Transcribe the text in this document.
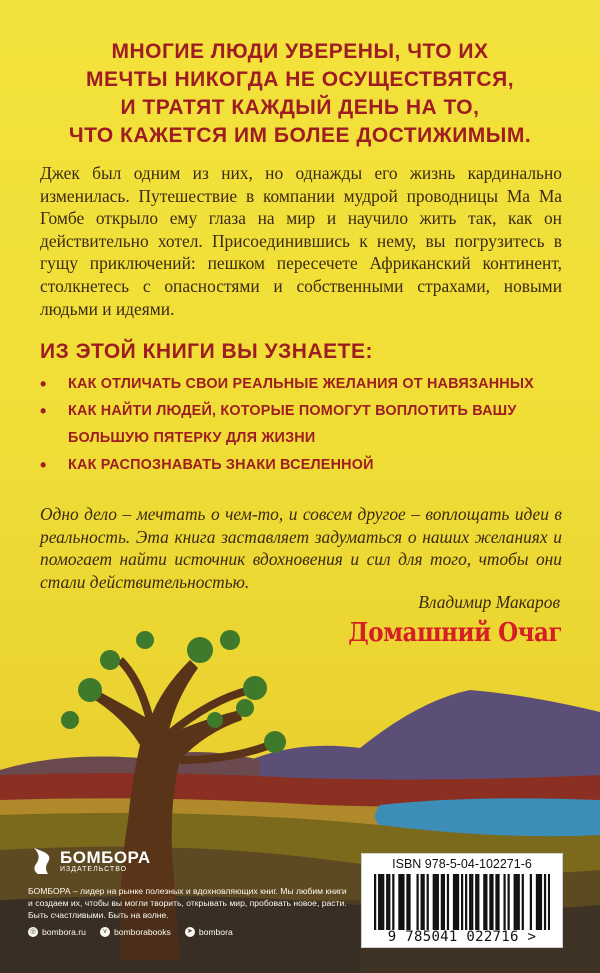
МНОГИЕ ЛЮДИ УВЕРЕНЫ, ЧТО ИХ
МЕЧТЫ НИКОГДА НЕ ОСУЩЕСТВЯТСЯ,
И ТРАТЯТ КАЖДЫЙ ДЕНЬ НА ТО,
ЧТО КАЖЕТСЯ ИМ БОЛЕЕ ДОСТИЖИМЫМ.
Джек был одним из них, но однажды его жизнь кардинально изменилась. Путешествие в компании мудрой проводницы Ма Ма Гомбе открыло ему глаза на мир и научило жить так, как он действительно хотел. Присоединившись к нему, вы погрузитесь в гущу приключений: пешком пересечете Африканский континент, столкнетесь с опасностями и собственными страхами, новыми людьми и идеями.
ИЗ ЭТОЙ КНИГИ ВЫ УЗНАЕТЕ:
• КАК ОТЛИЧАТЬ СВОИ РЕАЛЬНЫЕ ЖЕЛАНИЯ ОТ НАВЯЗАННЫХ
• КАК НАЙТИ ЛЮДЕЙ, КОТОРЫЕ ПОМОГУТ ВОПЛОТИТЬ ВАШУ БОЛЬШУЮ ПЯТЕРКУ ДЛЯ ЖИЗНИ
• КАК РАСПОЗНАВАТЬ ЗНАКИ ВСЕЛЕННОЙ
Одно дело – мечтать о чем-то, и совсем другое – воплощать идеи в реальность. Эта книга заставляет задуматься о наших желаниях и помогает найти источник вдохновения и сил для того, чтобы они стали действительностью.
Владимир Макаров
Домашний Очаг
БОМБОРА
ИЗДАТЕЛЬСТВО
БОМБОРА – лидер на рынке полезных и вдохновляющих книг. Мы любим книги и создаем их, чтобы вы могли творить, открывать мир, пробовать новое, расти. Быть счастливыми. Быть на волне.
◎ bombora.ru	v bomborabooks ➤ bombora
ISBN 978-5-04-102271-6
9 785041 022716 >
